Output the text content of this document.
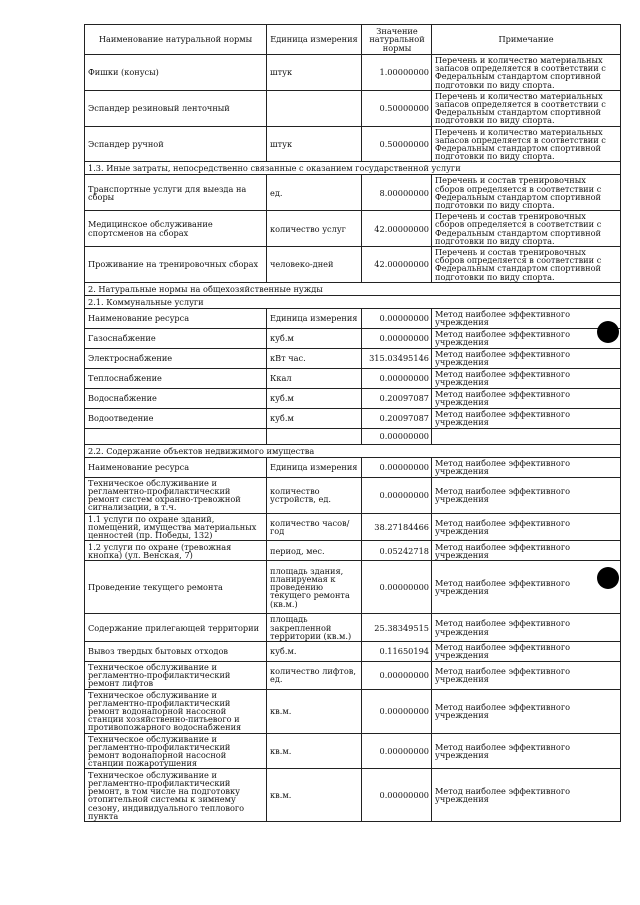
Наименование натуральной нормы	Единица измерения	Значение натуральной нормы	Примечание
Фишки (конусы)	штук	1.00000000	Перечень и количество материальных запасов определяется в соответствии с Федеральным стандартом спортивной подготовки по виду спорта.
Эспандер резиновый ленточный		0.50000000	Перечень и количество материальных запасов определяется в соответствии с Федеральным стандартом спортивной подготовки по виду спорта.
Эспандер ручной	штук	0.50000000	Перечень и количество материальных запасов определяется в соответствии с Федеральным стандартом спортивной подготовки по виду спорта.
1.3. Иные затраты, непосредственно связанные с оказанием государственной услуги			
Транспортные услуги для выезда на сборы	ед.	8.00000000	Перечень и состав тренировочных сборов определяется в соответствии с Федеральным стандартом спортивной подготовки по виду спорта.
Медицинское обслуживание спортсменов на сборах	количество услуг	42.00000000	Перечень и состав тренировочных сборов определяется в соответствии с Федеральным стандартом спортивной подготовки по виду спорта.
Проживание на тренировочных сборах	человеко-дней	42.00000000	Перечень и состав тренировочных сборов определяется в соответствии с Федеральным стандартом спортивной подготовки по виду спорта.
2. Натуральные нормы на общехозяйственные нужды			
2.1. Коммунальные услуги			
Наименование ресурса	Единица измерения	0.00000000	Метод наиболее эффективного учреждения
Газоснабжение	куб.м	0.00000000	Метод наиболее эффективного учреждения
Электроснабжение	кВт час.	315.03495146	Метод наиболее эффективного учреждения
Теплоснабжение	Ккал	0.00000000	Метод наиболее эффективного учреждения
Водоснабжение	куб.м	0.20097087	Метод наиболее эффективного учреждения
Водоотведение	куб.м	0.20097087	Метод наиболее эффективного учреждения
		0.00000000	
2.2. Содержание объектов недвижимого имущества			
Наименование ресурса	Единица измерения	0.00000000	Метод наиболее эффективного учреждения
Техническое обслуживание и регламентно-профилактический ремонт систем охранно-тревожной сигнализации, в т.ч.	количество устройств, ед.	0.00000000	Метод наиболее эффективного учреждения
1.1 услуги по охране зданий, помещений, имущества материальных ценностей (пр. Победы, 132)	количество часов/год	38.27184466	Метод наиболее эффективного учреждения
1.2 услуги по охране (тревожная кнопка) (ул. Венская, 7)	период, мес.	0.05242718	Метод наиболее эффективного учреждения
Проведение текущего ремонта	площадь здания, планируемая к проведению текущего ремонта (кв.м.)	0.00000000	Метод наиболее эффективного учреждения
Содержание прилегающей территории	площадь закрепленной территории (кв.м.)	25.38349515	Метод наиболее эффективного учреждения
Вывоз твердых бытовых отходов	куб.м.	0.11650194	Метод наиболее эффективного учреждения
Техническое обслуживание и регламентно-профилактический ремонт лифтов	количество лифтов, ед.	0.00000000	Метод наиболее эффективного учреждения
Техническое обслуживание и регламентно-профилактический ремонт водонапорной насосной станции хозяйственно-питьевого и противопожарного водоснабжения	кв.м.	0.00000000	Метод наиболее эффективного учреждения
Техническое обслуживание и регламентно-профилактический ремонт водонапорной насосной станции пожаротушения	кв.м.	0.00000000	Метод наиболее эффективного учреждения
Техническое обслуживание и регламентно-профилактический ремонт, в том числе на подготовку отопительной системы к зимнему сезону, индивидуального теплового пункта	кв.м.	0.00000000	Метод наиболее эффективного учреждения
